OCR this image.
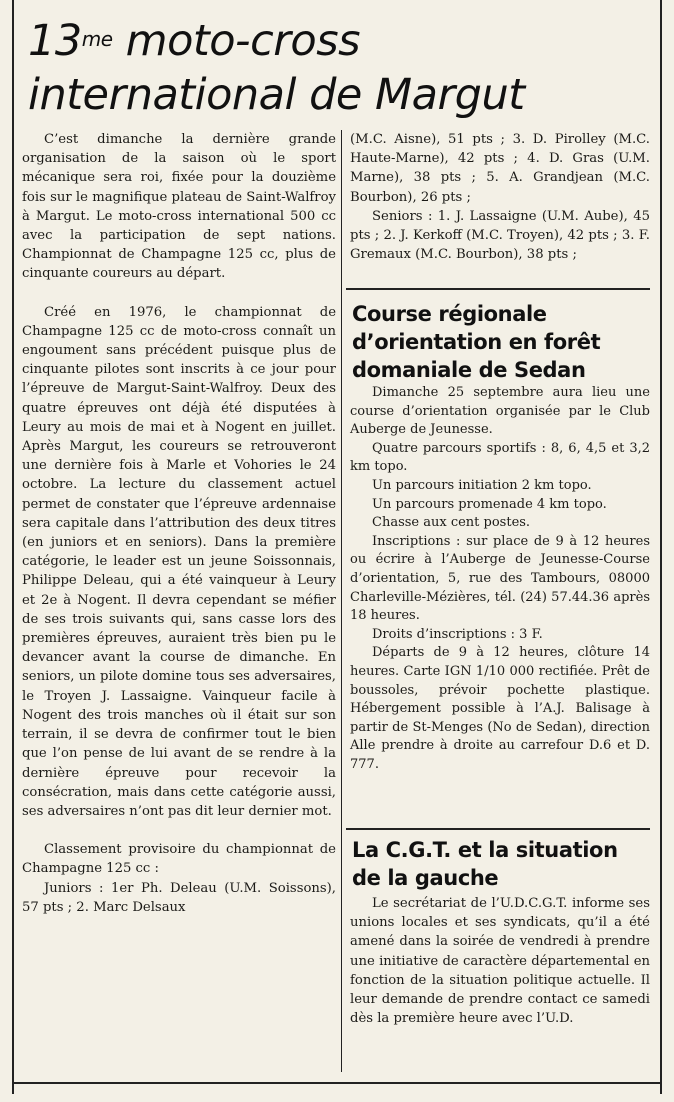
$13^{me}$ moto-cross
international de Margut

C’est dimanche la dernière grande organisation de la saison où le sport mécanique sera roi, fixée pour la douzième fois sur le magnifique plateau de Saint-Walfroy à Margut. Le moto-cross international 500 cc avec la participation de sept nations. Championnat de Champagne 125 cc, plus de cinquante coureurs au départ.

Créé en 1976, le championnat de Champagne 125 cc de moto-cross connaît un engoument sans précédent puisque plus de cinquante pilotes sont inscrits à ce jour pour l’épreuve de Margut-Saint-Walfroy. Deux des quatre épreuves ont déjà été disputées à Leury au mois de mai et à Nogent en juillet. Après Margut, les coureurs se retrouveront une dernière fois à Marle et Vohories le 24 octobre. La lecture du classement actuel permet de constater que l’épreuve ardennaise sera capitale dans l’attribution des deux titres (en juniors et en seniors). Dans la première catégorie, le leader est un jeune Soissonnais, Philippe Deleau, qui a été vainqueur à Leury et 2e à Nogent. Il devra cependant se méfier de ses trois suivants qui, sans casse lors des premières épreuves, auraient très bien pu le devancer avant la course de dimanche. En seniors, un pilote domine tous ses adversaires, le Troyen J. Lassaigne. Vainqueur facile à Nogent des trois manches où il était sur son terrain, il se devra de confirmer tout le bien que l’on pense de lui avant de se rendre à la dernière épreuve pour recevoir la consécration, mais dans cette catégorie aussi, ses adversaires n’ont pas dit leur dernier mot.

Classement provisoire du championnat de Champagne 125 cc :

Juniors : 1er Ph. Deleau (U.M. Soissons), 57 pts ; 2. Marc Delsaux

(M.C. Aisne), 51 pts ; 3. D. Pirolley (M.C. Haute-Marne), 42 pts ; 4. D. Gras (U.M. Marne), 38 pts ; 5. A. Grandjean (M.C. Bourbon), 26 pts ;

Seniors : 1. J. Lassaigne (U.M. Aube), 45 pts ; 2. J. Kerkoff (M.C. Troyen), 42 pts ; 3. F. Gremaux (M.C. Bourbon), 38 pts ;

Course régionale d’orientation en forêt domaniale de Sedan

Dimanche 25 septembre aura lieu une course d’orientation organisée par le Club Auberge de Jeunesse.

Quatre parcours sportifs : 8, 6, 4,5 et 3,2 km topo.

Un parcours initiation 2 km topo.

Un parcours promenade 4 km topo.

Chasse aux cent postes.

Inscriptions : sur place de 9 à 12 heures ou écrire à l’Auberge de Jeunesse-Course d’orientation, 5, rue des Tambours, 08000 Charleville-Mézières, tél. (24) 57.44.36 après 18 heures.

Droits d’inscriptions : 3 F.

Départs de 9 à 12 heures, clôture 14 heures. Carte IGN 1/10 000 rectifiée. Prêt de boussoles, prévoir pochette plastique. Hébergement possible à l’A.J. Balisage à partir de St-Menges (No de Sedan), direction Alle prendre à droite au carrefour D.6 et D. 777.

La C.G.T. et la situation de la gauche

Le secrétariat de l’U.D.C.G.T. informe ses unions locales et ses syndicats, qu’il a été amené dans la soirée de vendredi à prendre une initiative de caractère départemental en fonction de la situation politique actuelle. Il leur demande de prendre contact ce samedi dès la première heure avec l’U.D.
